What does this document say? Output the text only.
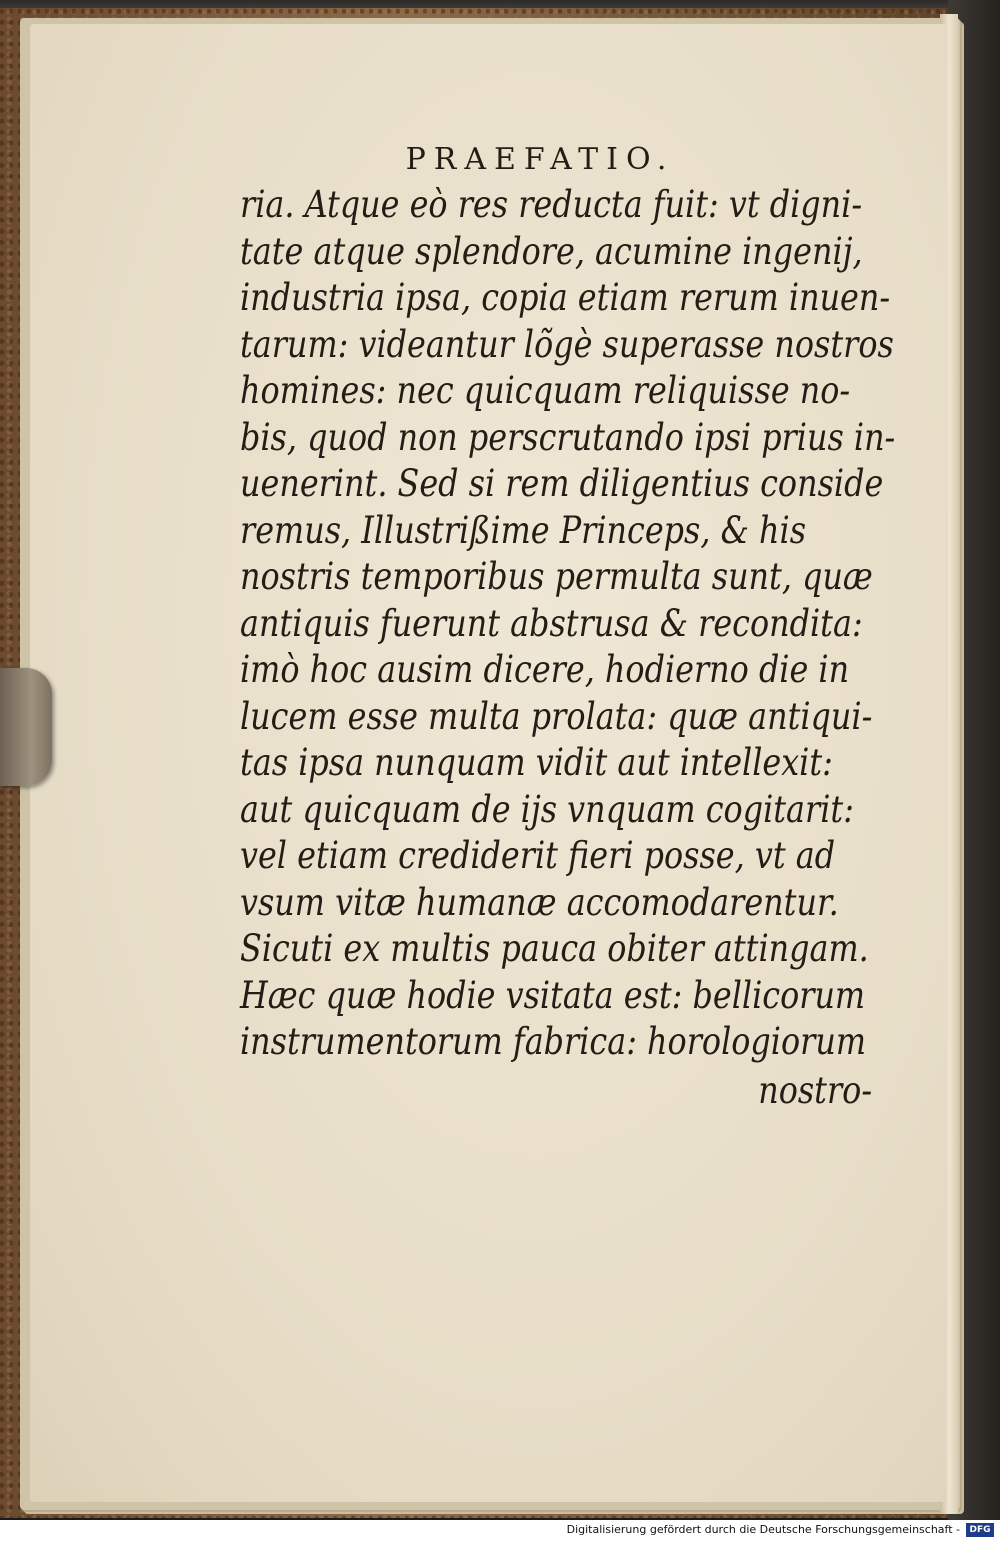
PRAEFATIO.
ria. Atque eò res reducta fuit: vt digni-
tate atque splendore, acumine ingenij,
industria ipsa, copia etiam rerum inuen-
tarum: videantur lõgè superasse nostros
homines: nec quicquam reliquisse no-
bis, quod non perscrutando ipsi prius in-
uenerint. Sed si rem diligentius conside
remus, Illustrißime Princeps, & his
nostris temporibus permulta sunt, quæ
antiquis fuerunt abstrusa & recondita:
imò hoc ausim dicere, hodierno die in
lucem esse multa prolata: quæ antiqui-
tas ipsa nunquam vidit aut intellexit:
aut quicquam de ijs vnquam cogitarit:
vel etiam crediderit fieri posse, vt ad
vsum vitæ humanæ accomodarentur.
Sicuti ex multis pauca obiter attingam.
Hæc quæ hodie vsitata est: bellicorum
instrumentorum fabrica: horologiorum
nostro-
Digitalisierung gefördert durch die Deutsche Forschungsgemeinschaft -	DFG
